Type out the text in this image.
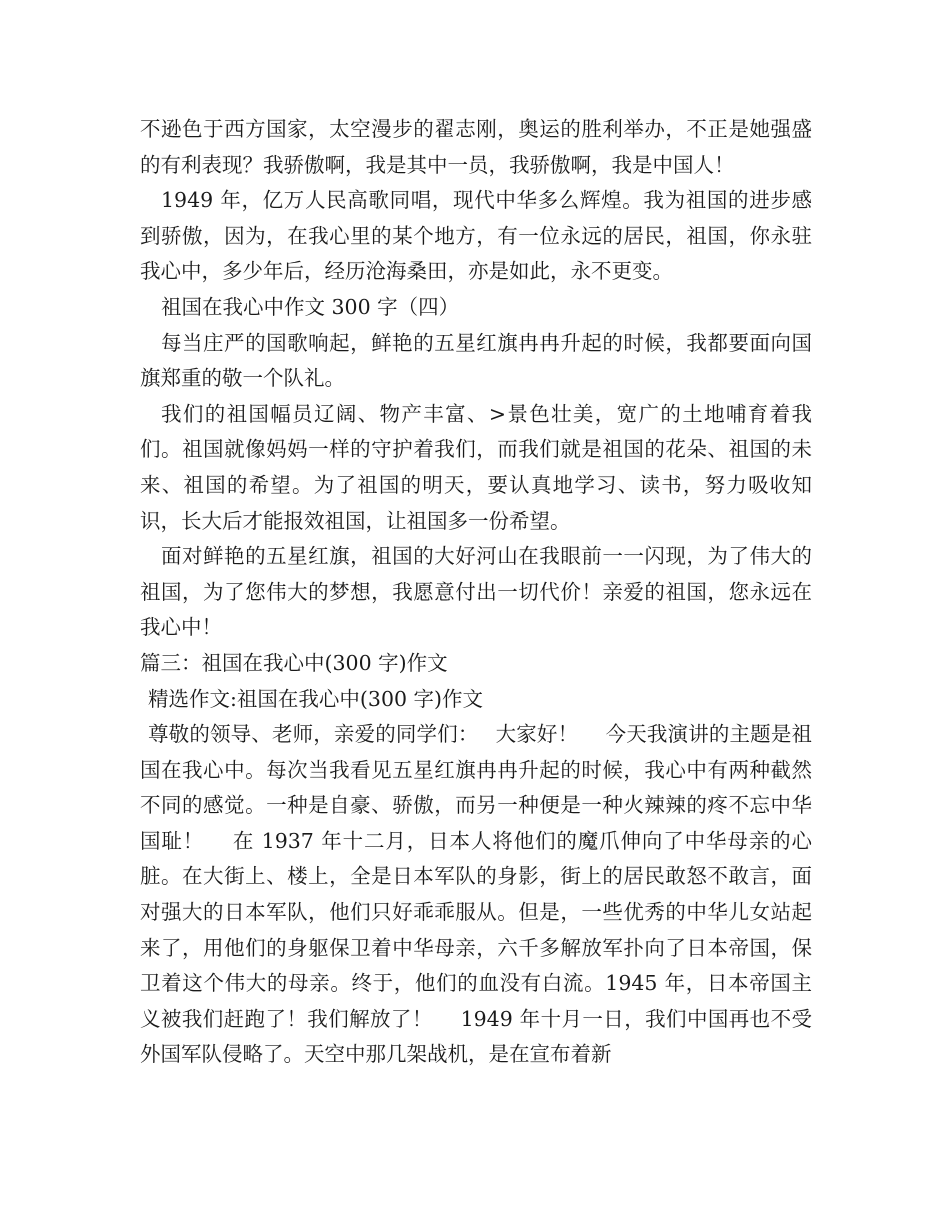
不逊色于西方国家，太空漫步的翟志刚，奥运的胜利举办，不正是她强盛的有利表现？我骄傲啊，我是其中一员，我骄傲啊，我是中国人！

1949 年，亿万人民高歌同唱，现代中华多么辉煌。我为祖国的进步感到骄傲，因为，在我心里的某个地方，有一位永远的居民，祖国，你永驻我心中，多少年后，经历沧海桑田，亦是如此，永不更变。

祖国在我心中作文 300 字（四）

每当庄严的国歌响起，鲜艳的五星红旗冉冉升起的时候，我都要面向国旗郑重的敬一个队礼。

我们的祖国幅员辽阔、物产丰富、>景色壮美，宽广的土地哺育着我们。祖国就像妈妈一样的守护着我们，而我们就是祖国的花朵、祖国的未来、祖国的希望。为了祖国的明天，要认真地学习、读书，努力吸收知识，长大后才能报效祖国，让祖国多一份希望。

面对鲜艳的五星红旗，祖国的大好河山在我眼前一一闪现，为了伟大的祖国，为了您伟大的梦想，我愿意付出一切代价！亲爱的祖国，您永远在我心中！

篇三：祖国在我心中(300 字)作文

精选作文:祖国在我心中(300 字)作文

尊敬的领导、老师，亲爱的同学们：　 大家好！　 今天我演讲的主题是祖国在我心中。每次当我看见五星红旗冉冉升起的时候，我心中有两种截然不同的感觉。一种是自豪、骄傲，而另一种便是一种火辣辣的疼不忘中华国耻！　 在 1937 年十二月，日本人将他们的魔爪伸向了中华母亲的心脏。在大街上、楼上，全是日本军队的身影，街上的居民敢怒不敢言，面对强大的日本军队，他们只好乖乖服从。但是，一些优秀的中华儿女站起来了，用他们的身躯保卫着中华母亲，六千多解放军扑向了日本帝国，保卫着这个伟大的母亲。终于，他们的血没有白流。1945 年，日本帝国主义被我们赶跑了！我们解放了！　 1949 年十月一日，我们中国再也不受外国军队侵略了。天空中那几架战机，是在宣布着新
